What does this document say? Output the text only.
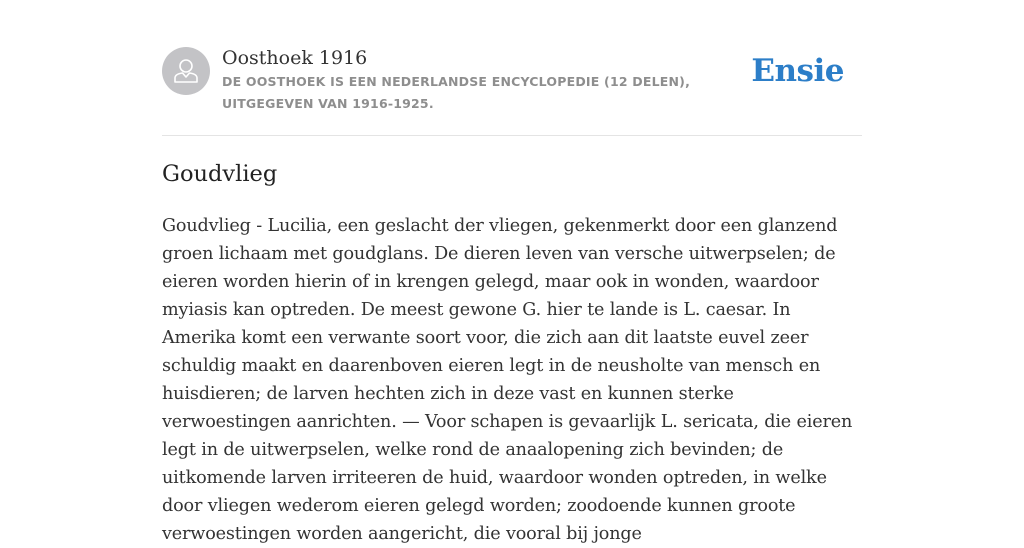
Oosthoek 1916
DE OOSTHOEK IS EEN NEDERLANDSE ENCYCLOPEDIE (12 DELEN), UITGEGEVEN VAN 1916-1925.
Ensie
Goudvlieg

Goudvlieg - Lucilia, een geslacht der vliegen, gekenmerkt door een glanzend groen lichaam met goudglans. De dieren leven van versche uitwerpselen; de eieren worden hierin of in krengen gelegd, maar ook in wonden, waardoor myiasis kan optreden. De meest gewone G. hier te lande is L. caesar. In Amerika komt een verwante soort voor, die zich aan dit laatste euvel zeer schuldig maakt en daarenboven eieren legt in de neusholte van mensch en huisdieren; de larven hechten zich in deze vast en kunnen sterke verwoestingen aanrichten. — Voor schapen is gevaarlijk L. sericata, die eieren legt in de uitwerpselen, welke rond de anaalopening zich bevinden; de uitkomende larven irriteeren de huid, waardoor wonden optreden, in welke door vliegen wederom eieren gelegd worden; zoodoende kunnen groote verwoestingen worden aangericht, die vooral bij jonge
